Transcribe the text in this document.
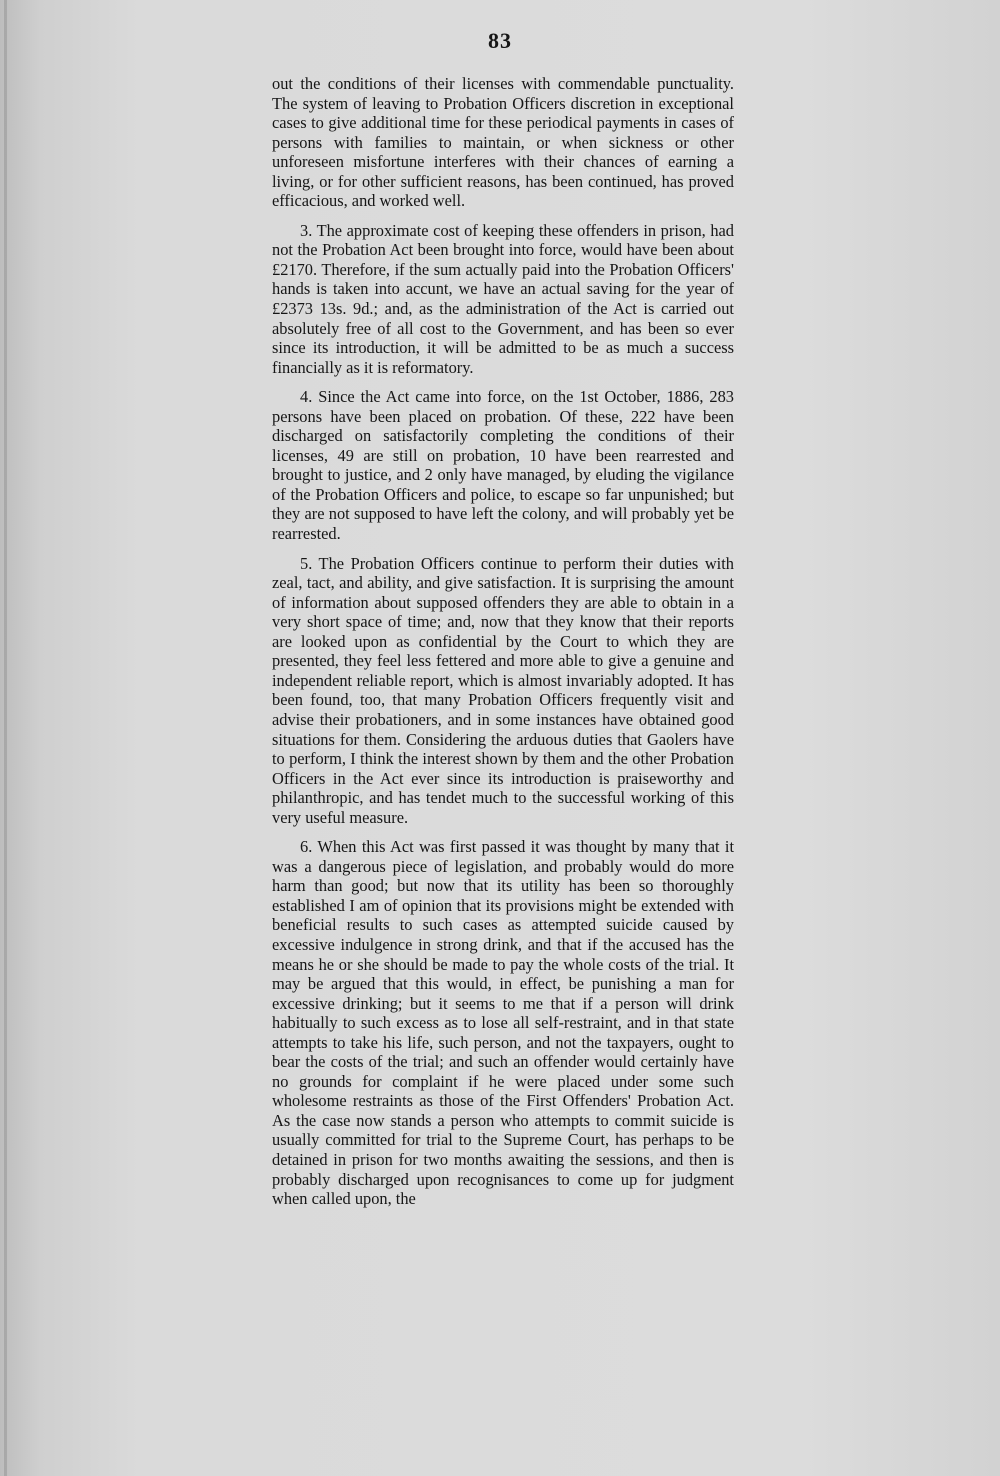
83

out the conditions of their licenses with commendable punctuality. The system of leaving to Probation Officers discretion in exceptional cases to give additional time for these periodical payments in cases of persons with families to maintain, or when sickness or other unforeseen misfortune interferes with their chances of earning a living, or for other sufficient reasons, has been continued, has proved efficacious, and worked well.

3. The approximate cost of keeping these offenders in prison, had not the Probation Act been brought into force, would have been about £2170. Therefore, if the sum actually paid into the Probation Officers' hands is taken into accunt, we have an actual saving for the year of £2373 13s. 9d.; and, as the administration of the Act is carried out absolutely free of all cost to the Government, and has been so ever since its introduction, it will be admitted to be as much a success financially as it is reformatory.

4. Since the Act came into force, on the 1st October, 1886, 283 persons have been placed on probation. Of these, 222 have been discharged on satisfactorily completing the conditions of their licenses, 49 are still on probation, 10 have been rearrested and brought to justice, and 2 only have managed, by eluding the vigilance of the Probation Officers and police, to escape so far unpunished; but they are not supposed to have left the colony, and will probably yet be rearrested.

5. The Probation Officers continue to perform their duties with zeal, tact, and ability, and give satisfaction. It is surprising the amount of information about supposed offenders they are able to obtain in a very short space of time; and, now that they know that their reports are looked upon as confidential by the Court to which they are presented, they feel less fettered and more able to give a genuine and independent reliable report, which is almost invariably adopted. It has been found, too, that many Probation Officers frequently visit and advise their probationers, and in some instances have obtained good situations for them. Considering the arduous duties that Gaolers have to perform, I think the interest shown by them and the other Probation Officers in the Act ever since its introduction is praiseworthy and philanthropic, and has tendet much to the successful working of this very useful measure.

6. When this Act was first passed it was thought by many that it was a dangerous piece of legislation, and probably would do more harm than good; but now that its utility has been so thoroughly established I am of opinion that its provisions might be extended with beneficial results to such cases as attempted suicide caused by excessive indulgence in strong drink, and that if the accused has the means he or she should be made to pay the whole costs of the trial. It may be argued that this would, in effect, be punishing a man for excessive drinking; but it seems to me that if a person will drink habitually to such excess as to lose all self-restraint, and in that state attempts to take his life, such person, and not the taxpayers, ought to bear the costs of the trial; and such an offender would certainly have no grounds for complaint if he were placed under some such wholesome restraints as those of the First Offenders' Probation Act. As the case now stands a person who attempts to commit suicide is usually committed for trial to the Supreme Court, has perhaps to be detained in prison for two months awaiting the sessions, and then is probably discharged upon recognisances to come up for judgment when called upon, the
